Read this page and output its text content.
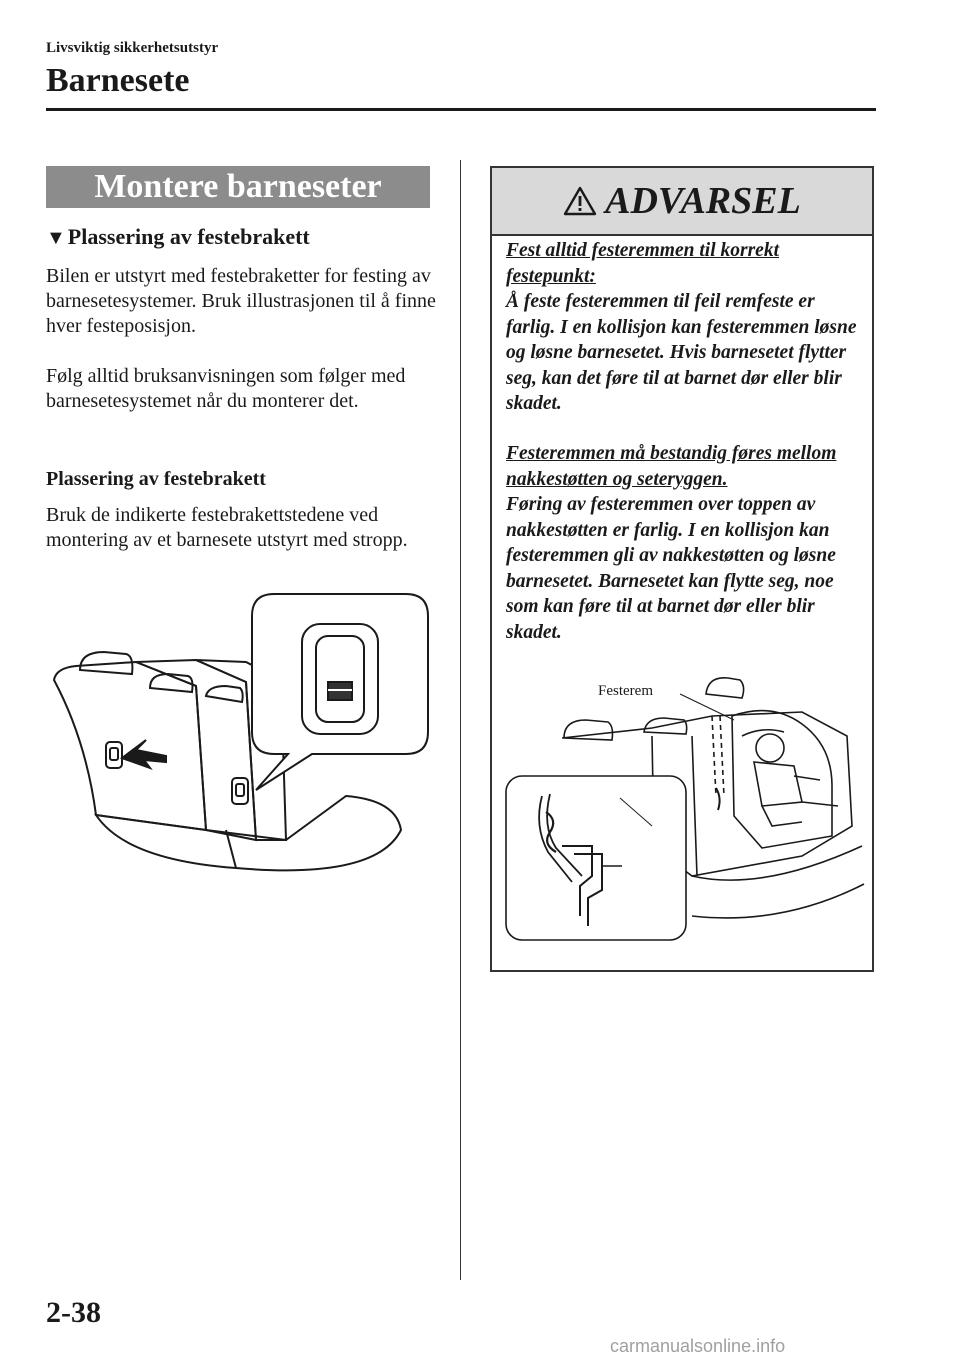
Livsviktig sikkerhetsutstyr
Barnesete
Montere barneseter
▼Plassering av festebrakett
Bilen er utstyrt med festebraketter for festing av barnesetesystemer. Bruk illustrasjonen til å finne hver festeposisjon.
Følg alltid bruksanvisningen som følger med barnesetesystemet når du monterer det.
Plassering av festebrakett
Bruk de indikerte festebrakettstedene ved montering av et barnesete utstyrt med stropp.
ADVARSEL
Fest alltid festeremmen til korrekt festepunkt:
Å feste festeremmen til feil remfeste er farlig. I en kollisjon kan festeremmen løsne og løsne barnesetet. Hvis barnesetet flytter seg, kan det føre til at barnet dør eller blir skadet.
Festeremmen må bestandig føres mellom nakkestøtten og seteryggen.
Føring av festeremmen over toppen av nakkestøtten er farlig. I en kollisjon kan festeremmen gli av nakkestøtten og løsne barnesetet. Barnesetet kan flytte seg, noe som kan føre til at barnet dør eller blir skadet.
Festerem
2-38
carmanualsonline.info
